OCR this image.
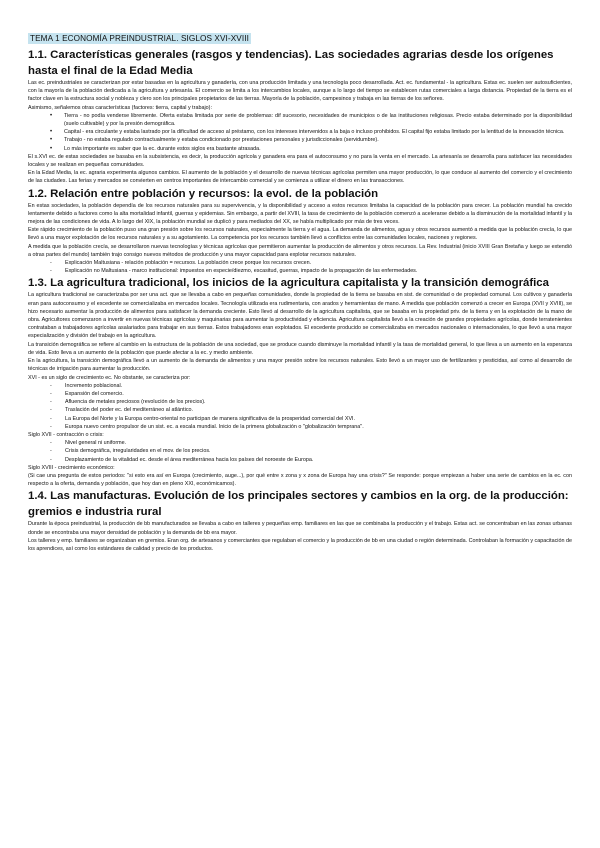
TEMA 1 ECONOMÍA PREINDUSTRIAL. SIGLOS XVI-XVIII
1.1. Características generales (rasgos y tendencias). Las sociedades agrarias desde los orígenes hasta el final de la Edad Media

Las ec. preindustriales se caracterizan por estar basadas en la agricultura y ganadería, con una producción limitada y una tecnología poco desarrollada. Act. ec. fundamental - la agricultura. Estas ec. suelen ser autosuficientes, con la mayoría de la población dedicada a la agricultura y artesanía. El comercio se limita a los intercambios locales, aunque a lo largo del tiempo se establecen rutas comerciales a larga distancia. Propiedad de la tierra es el factor clave en la estructura social y nobleza y clero son los principales propietarios de las tierras. Mayoría de la población, campesinos y trabaja en las tierras de los señores.

Asimismo, señalemos otras características (factores: tierra, capital y trabajo):

• Tierra - no podía venderse libremente. Oferta estaba limitada por serie de problemas: dif sucesorio, necesidades de municipios o de las instituciones religiosas. Precio estaba determinado por la disponibilidad (suelo cultivable) y por la presión demográfica.
• Capital - era circulante y estaba lastrado por la dificultad de acceso al préstamo, con los intereses intervenidos a la baja o incluso prohibidos. El capital fijo estaba limitado por la lentitud de la innovación técnica.
• Trabajo - no estaba regulado contractualmente y estaba condicionado por prestaciones personales y jurisdiccionales (servidumbre).
• Lo más importante es saber que la ec. durante estos siglos era bastante atrasada.

El s.XVI ec. de estas sociedades se basaba en la subsistencia, es decir, la producción agrícola y ganadera era para el autoconsumo y no para la venta en el mercado. La artesanía se desarrolla para satisfacer las necesidades locales y se realizan en pequeñas comunidades.

En la Edad Media, la ec. agraria experimenta algunos cambios. El aumento de la población y el desarrollo de nuevas técnicas agrícolas permiten una mayor producción, lo que conduce al aumento del comercio y el crecimiento de las ciudades. Las ferias y mercados se convierten en centros importantes de intercambio comercial y se comienza a utilizar el dinero en las transacciones.

1.2. Relación entre población y recursos: la evol. de la población

En estas sociedades, la población dependía de los recursos naturales para su supervivencia, y la disponibilidad y acceso a estos recursos limitaba la capacidad de la población para crecer. La población mundial ha crecido lentamente debido a factores como la alta mortalidad infantil, guerras y epidemias. Sin embargo, a partir del XVIII, la tasa de crecimiento de la población comenzó a acelerarse debido a la disminución de la mortalidad infantil y la mejora de las condiciones de vida. A lo largo del XIX, la población mundial se duplicó y para mediados del XX, se había multiplicado por más de tres veces.

Este rápido crecimiento de la población puso una gran presión sobre los recursos naturales, especialmente la tierra y el agua. La demanda de alimentos, agua y otros recursos aumentó a medida que la población crecía, lo que llevó a una mayor explotación de los recursos naturales y a su agotamiento. La competencia por los recursos también llevó a conflictos entre las comunidades locales, naciones y regiones.

A medida que la población crecía, se desarrollaron nuevas tecnologías y técnicas agrícolas que permitieron aumentar la producción de alimentos y otros recursos. La Rev. Industrial (inicio XVIII Gran Bretaña y luego se extendió a otras partes del mundo) también trajo consigo nuevos métodos de producción y una mayor capacidad para explotar recursos naturales.

- Explicación Maltusiana - relación población = recursos. La población crece porque los recursos crecen.
- Explicación no Maltusiana - marco institucional: impuestos en especie/diezmo, escasitud, guerras, impacto de la propagación de las enfermedades.
1.3. La agricultura tradicional, los inicios de la agricultura capitalista y la transición demográfica

La agricultura tradicional se caracterizaba por ser una act. que se llevaba a cabo en pequeñas comunidades, donde la propiedad de la tierra se basaba en sist. de comunidad o de propiedad comunal. Los cultivos y ganadería eran para autoconsumo y el excedente se comercializaba en mercados locales. Tecnología utilizada era rudimentaria, con arados y herramientas de mano. A medida que población comenzó a crecer en Europa (XVII y XVIII), se hizo necesario aumentar la producción de alimentos para satisfacer la demanda creciente. Esto llevó al desarrollo de la agricultura capitalista, que se basaba en la propiedad priv. de la tierra y en la explotación de la mano de obra. Agricultores comenzaron a invertir en nuevas técnicas agrícolas y maquinarias para aumentar la productividad y eficiencia. Agricultura capitalista llevó a la creación de grandes propiedades agrícolas, donde terratenientes contrataban a trabajadores agrícolas asalariados para trabajar en sus tierras. Estos trabajadores eran explotados. El excedente producido se comercializaba en mercados nacionales o internacionales, lo que llevó a una mayor especialización y división del trabajo en la agricultura.

La transición demográfica se refiere al cambio en la estructura de la población de una sociedad, que se produce cuando disminuye la mortalidad infantil y la tasa de mortalidad general, lo que lleva a un aumento en la esperanza de vida. Esto lleva a un aumento de la población que puede afectar a la ec. y medio ambiente.

En la agricultura, la transición demográfica llevó a un aumento de la demanda de alimentos y una mayor presión sobre los recursos naturales. Esto llevó a un mayor uso de fertilizantes y pesticidas, así como al desarrollo de técnicas de irrigación para aumentar la producción.

XVI - es un siglo de crecimiento ec. No obstante, se caracteriza por:

- Incremento poblacional.
- Expansión del comercio.
- Afluencia de metales preciosos (revolución de los precios).
- Traslación del poder ec. del mediterráneo al atlántico.
- La Europa del Norte y la Europa centro-oriental no participan de manera significativa de la prosperidad comercial del XVI.
- Europa nuevo centro propulsor de un sist. ec. a escala mundial. Inicio de la primera globalización o "globalización temprana".

Siglo XVII - contracción o crisis:

- Nivel general ni uniforme.
- Crisis demográfica, irregularidades en el mov. de los precios.
- Desplazamiento de la vitalidad ec. desde el área mediterránea hacia los países del noroeste de Europa.

Siglo XVIII - crecimiento económico:

(Si cae una pregunta de estos periodos: "si esto era así en Europa (crecimiento, auge...), por qué entre x zona y x zona de Europa hay una crisis?" Se responde: porque empiezan a haber una serie de cambios en la ec. con respecto a la oferta, demanda y población, que hoy dan en pleno XXI, económicamos).

1.4. Las manufacturas. Evolución de los principales sectores y cambios en la org. de la producción: gremios e industria rural

Durante la época preindustrial, la producción de bb manufacturados se llevaba a cabo en talleres y pequeñas emp. familiares en las que se combinaba la producción y el trabajo. Estas act. se concentraban en las zonas urbanas donde se encontraba una mayor densidad de población y la demanda de bb era mayor.

Los talleres y emp. familiares se organizaban en gremios. Eran org. de artesanos y comerciantes que regulaban el comercio y la producción de bb en una ciudad o región determinada. Controlaban la formación y capacitación de los aprendices, así como los estándares de calidad y precio de los productos.
